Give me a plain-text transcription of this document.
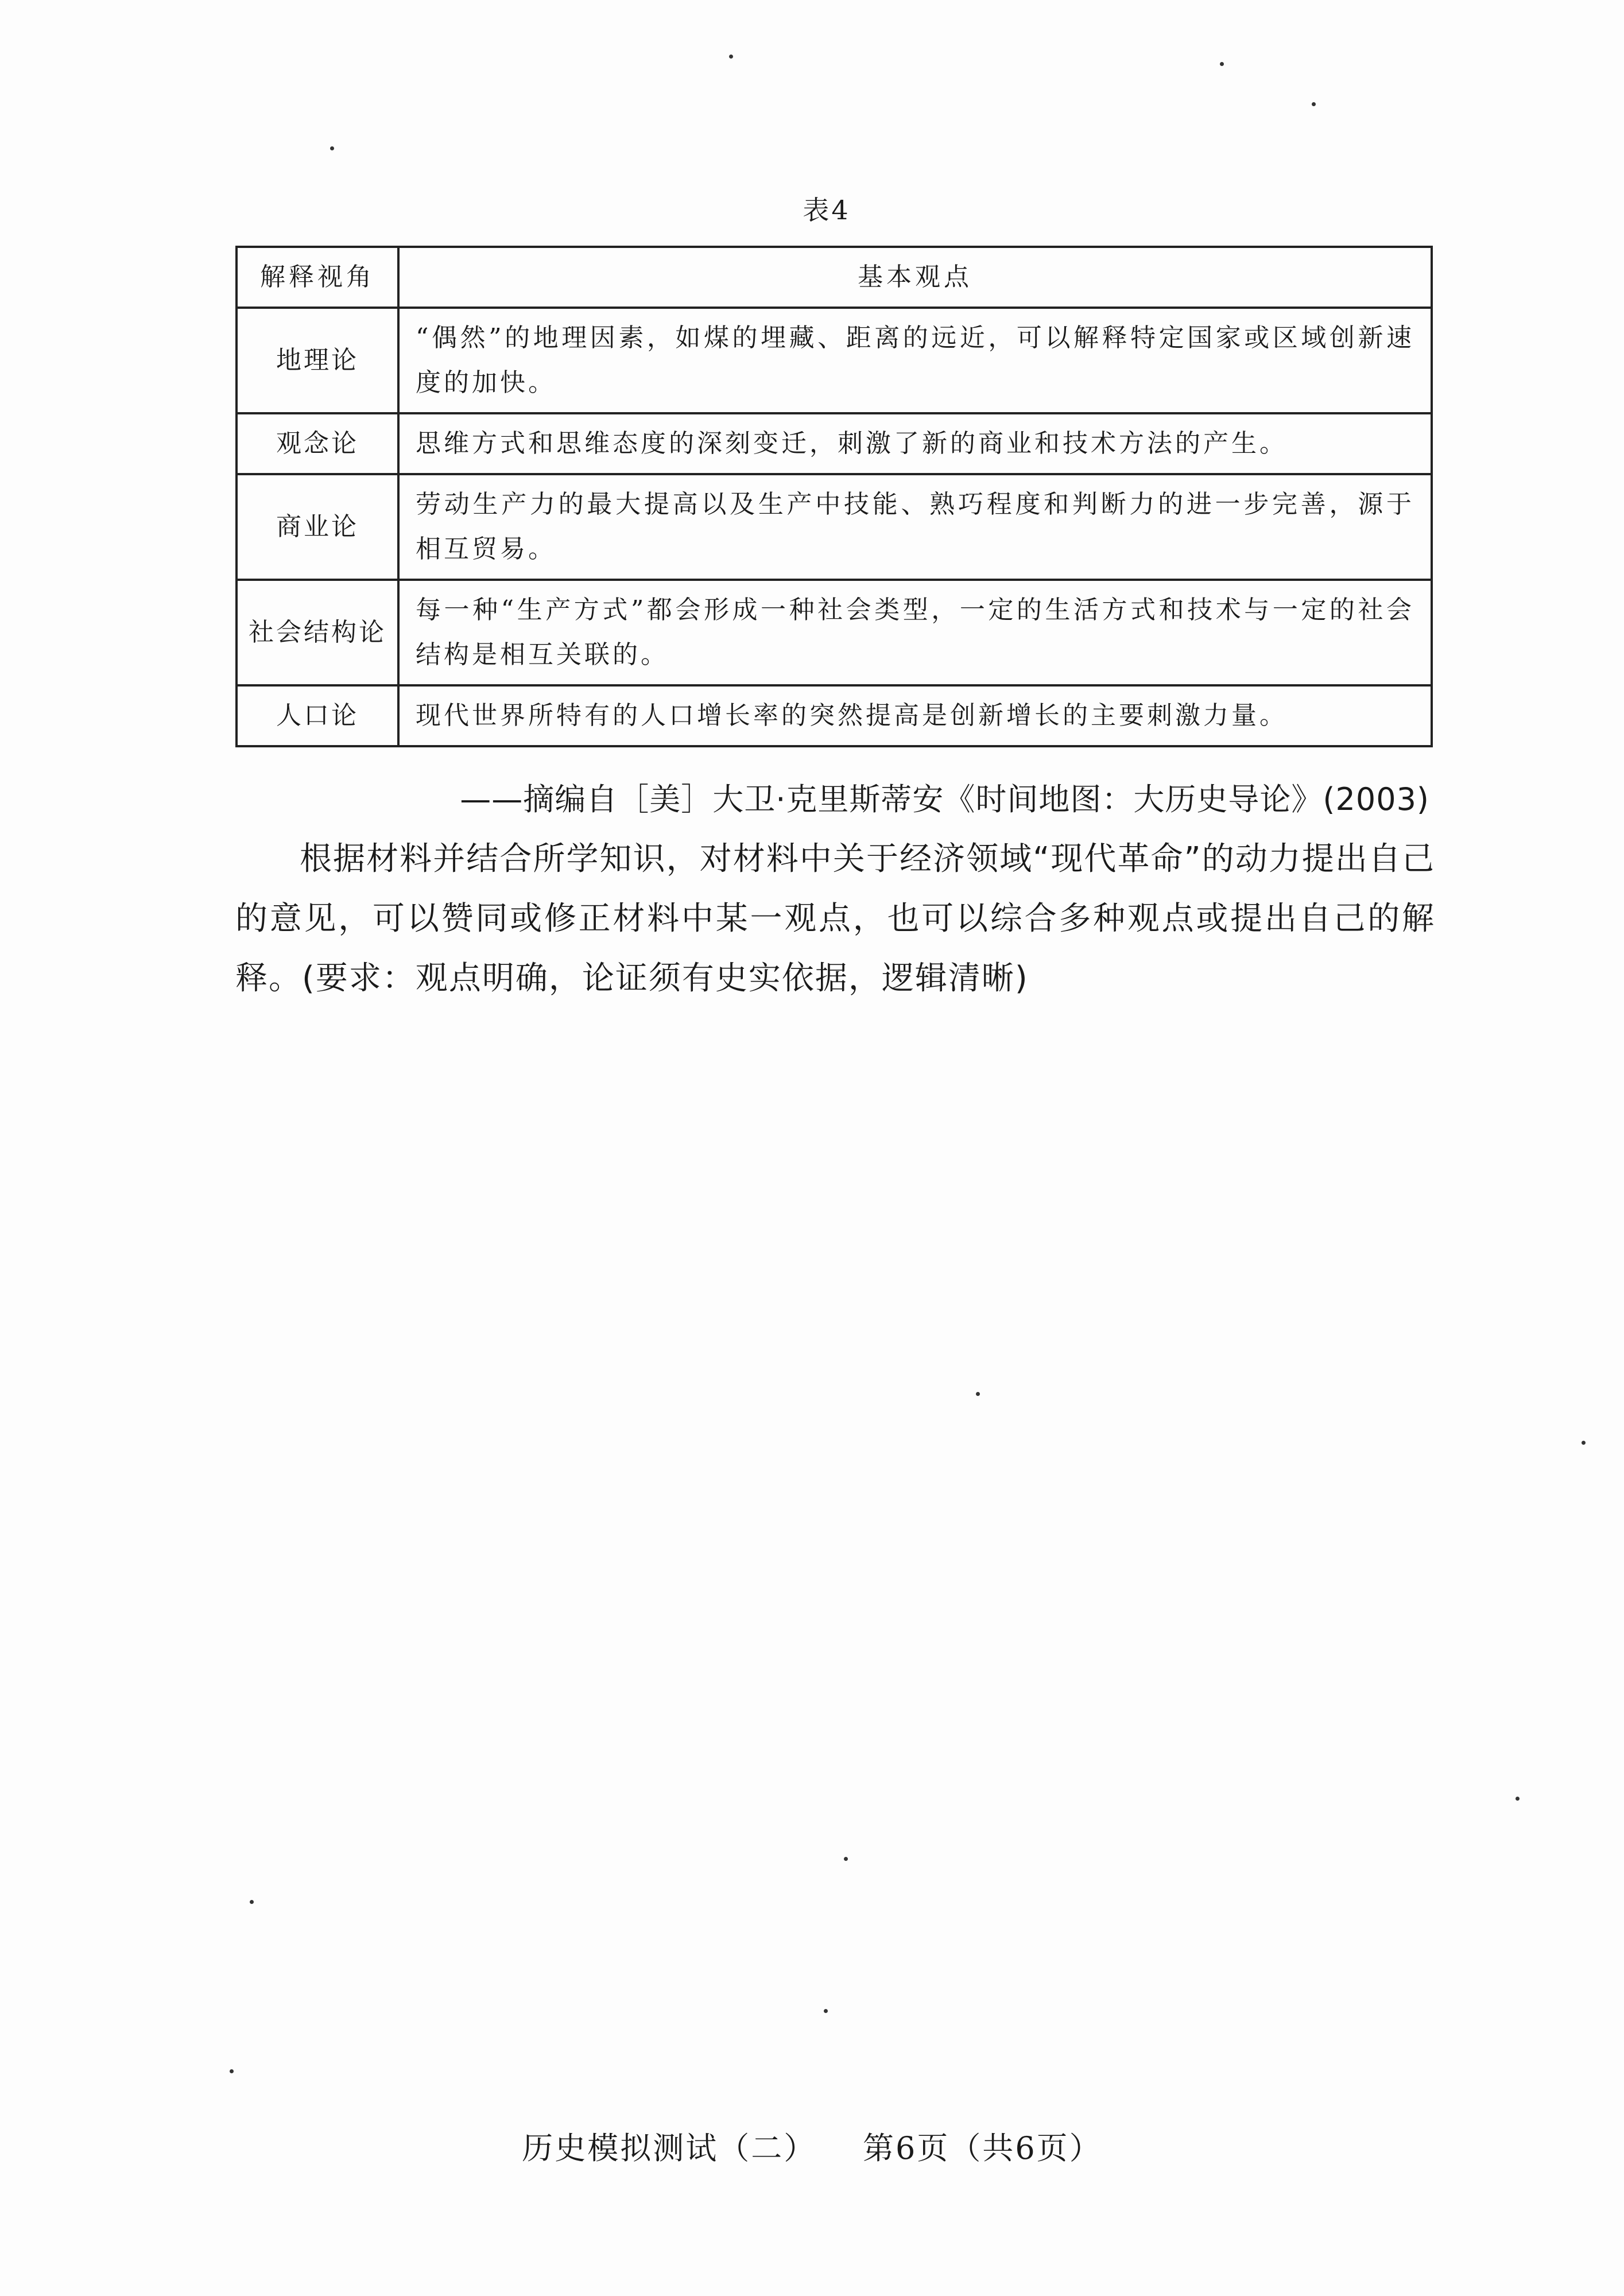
表4
解释视角	基本观点
地理论	“偶然”的地理因素，如煤的埋藏、距离的远近，可以解释特定国家或区域创新速度的加快。
观念论	思维方式和思维态度的深刻变迁，刺激了新的商业和技术方法的产生。
商业论	劳动生产力的最大提高以及生产中技能、熟巧程度和判断力的进一步完善，源于相互贸易。
社会结构论	每一种“生产方式”都会形成一种社会类型，一定的生活方式和技术与一定的社会结构是相互关联的。
人口论	现代世界所特有的人口增长率的突然提高是创新增长的主要刺激力量。
——摘编自［美］大卫·克里斯蒂安《时间地图：大历史导论》(2003)
根据材料并结合所学知识，对材料中关于经济领域“现代革命”的动力提出自己的意见，可以赞同或修正材料中某一观点，也可以综合多种观点或提出自己的解释。(要求：观点明确，论证须有史实依据，逻辑清晰)
历史模拟测试（二） 第6页（共6页）
